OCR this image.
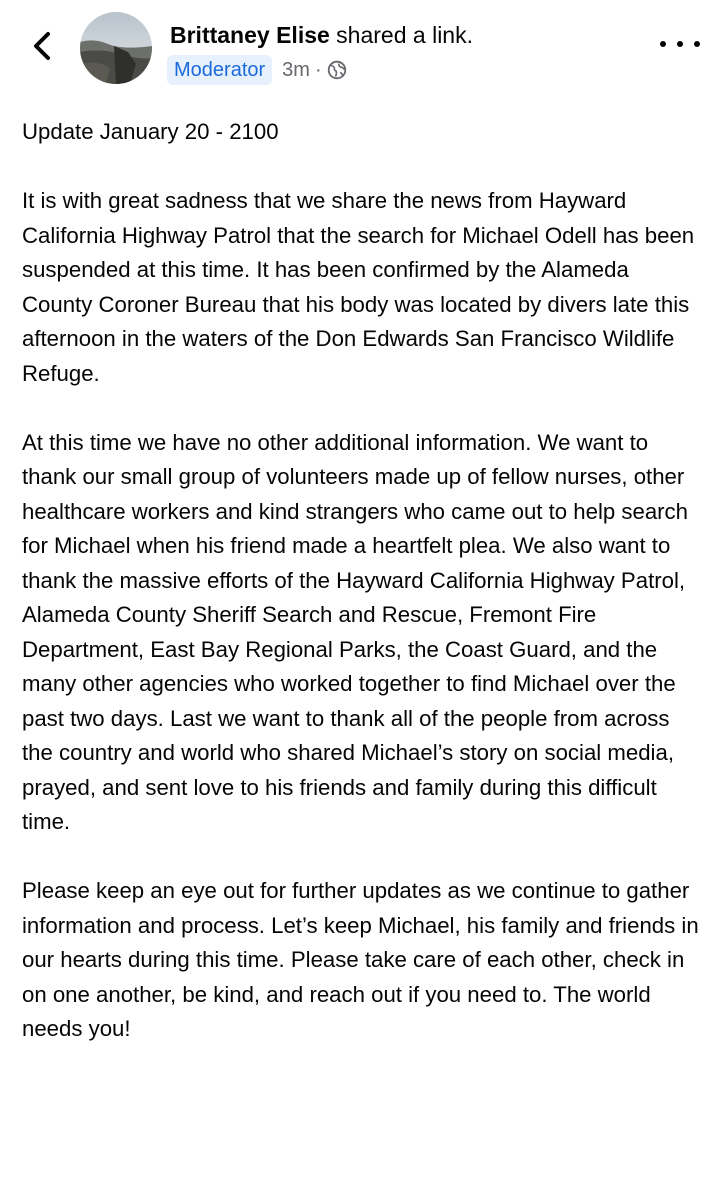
Brittaney Elise shared a link.
Moderator 3m ·

Update January 20 - 2100

It is with great sadness that we share the news from Hayward California Highway Patrol that the search for Michael Odell has been suspended at this time. It has been confirmed by the Alameda County Coroner Bureau that his body was located by divers late this afternoon in the waters of the Don Edwards San Francisco Wildlife Refuge.

At this time we have no other additional information. We want to thank our small group of volunteers made up of fellow nurses, other healthcare workers and kind strangers who came out to help search for Michael when his friend made a heartfelt plea. We also want to thank the massive efforts of the Hayward California Highway Patrol, Alameda County Sheriff Search and Rescue, Fremont Fire Department, East Bay Regional Parks, the Coast Guard, and the many other agencies who worked together to find Michael over the past two days. Last we want to thank all of the people from across the country and world who shared Michael’s story on social media, prayed, and sent love to his friends and family during this difficult time.

Please keep an eye out for further updates as we continue to gather information and process. Let’s keep Michael, his family and friends in our hearts during this time. Please take care of each other, check in on one another, be kind, and reach out if you need to. The world needs you!
